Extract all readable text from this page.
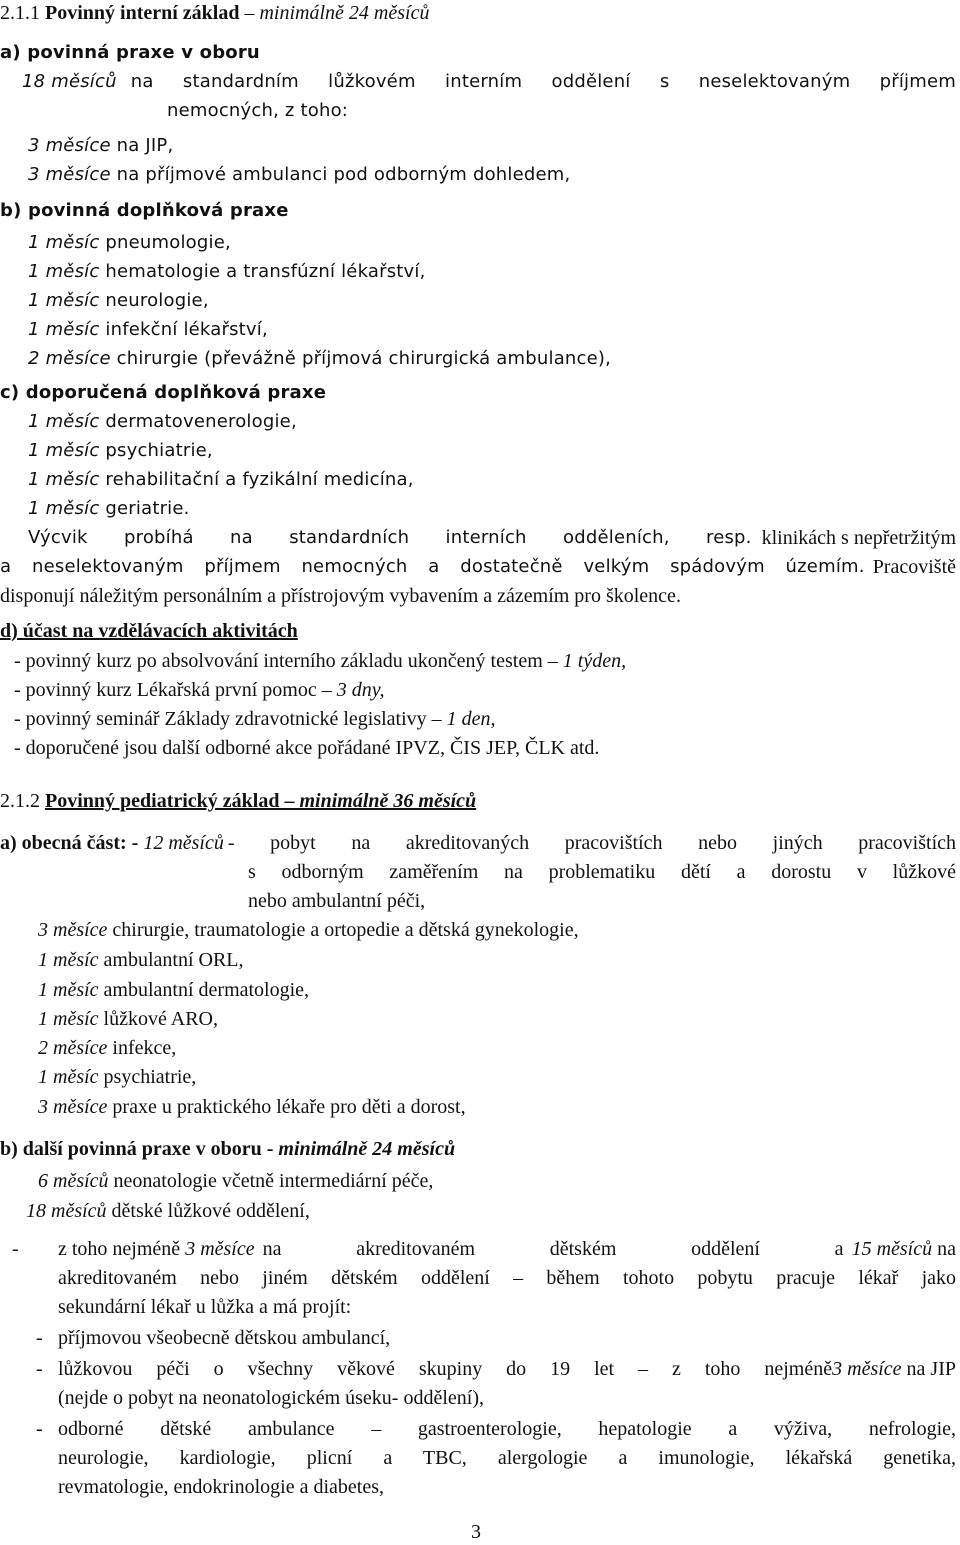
2.1.1 Povinný interní základ – minimálně 24 měsíců
a) povinná praxe v oboru
18 měsíců na standardním lůžkovém interním oddělení s neselektovaným příjmem
nemocných, z toho:
3 měsíce na JIP,
3 měsíce na příjmové ambulanci pod odborným dohledem,
b) povinná doplňková praxe
1 měsíc pneumologie,
1 měsíc hematologie a transfúzní lékařství,
1 měsíc neurologie,
1 měsíc infekční lékařství,
2 měsíce chirurgie (převážně příjmová chirurgická ambulance),
c) doporučená doplňková praxe
1 měsíc dermatovenerologie,
1 měsíc psychiatrie,
1 měsíc rehabilitační a fyzikální medicína,
1 měsíc geriatrie.
Výcvik probíhá na standardních interních odděleních, resp. klinikách s nepřetržitým
a neselektovaným příjmem nemocných a dostatečně velkým spádovým územím. Pracoviště
disponují náležitým personálním a přístrojovým vybavením a zázemím pro školence.
d) účast na vzdělávacích aktivitách
- povinný kurz po absolvování interního základu ukončený testem – 1 týden,
- povinný kurz Lékařská první pomoc – 3 dny,
- povinný seminář Základy zdravotnické legislativy – 1 den,
- doporučené jsou další odborné akce pořádané IPVZ, ČIS JEP, ČLK atd.
2.1.2 Povinný pediatrický základ – minimálně 36 měsíců
a) obecná část: - 12 měsíců - pobyt na akreditovaných pracovištích nebo jiných pracovištích
s odborným zaměřením na problematiku dětí a dorostu v lůžkové
nebo ambulantní péči,
3 měsíce chirurgie, traumatologie a ortopedie a dětská gynekologie,
1 měsíc ambulantní ORL,
1 měsíc ambulantní dermatologie,
1 měsíc lůžkové ARO,
2 měsíce infekce,
1 měsíc psychiatrie,
3 měsíce praxe u praktického lékaře pro děti a dorost,
b) další povinná praxe v oboru - minimálně 24 měsíců
6 měsíců neonatologie včetně intermediární péče,
18 měsíců dětské lůžkové oddělení,
- z toho nejméně 3 měsíce na akreditovaném dětském oddělení a 15 měsíců na
akreditovaném nebo jiném dětském oddělení – během tohoto pobytu pracuje lékař jako
sekundární lékař u lůžka a má projít:
- příjmovou všeobecně dětskou ambulancí,
- lůžkovou péči o všechny věkové skupiny do 19 let – z toho nejméně 3 měsíce na JIP
(nejde o pobyt na neonatologickém úseku- oddělení),
- odborné dětské ambulance – gastroenterologie, hepatologie a výživa, nefrologie,
neurologie, kardiologie, plicní a TBC, alergologie a imunologie, lékařská genetika,
revmatologie, endokrinologie a diabetes,
3
